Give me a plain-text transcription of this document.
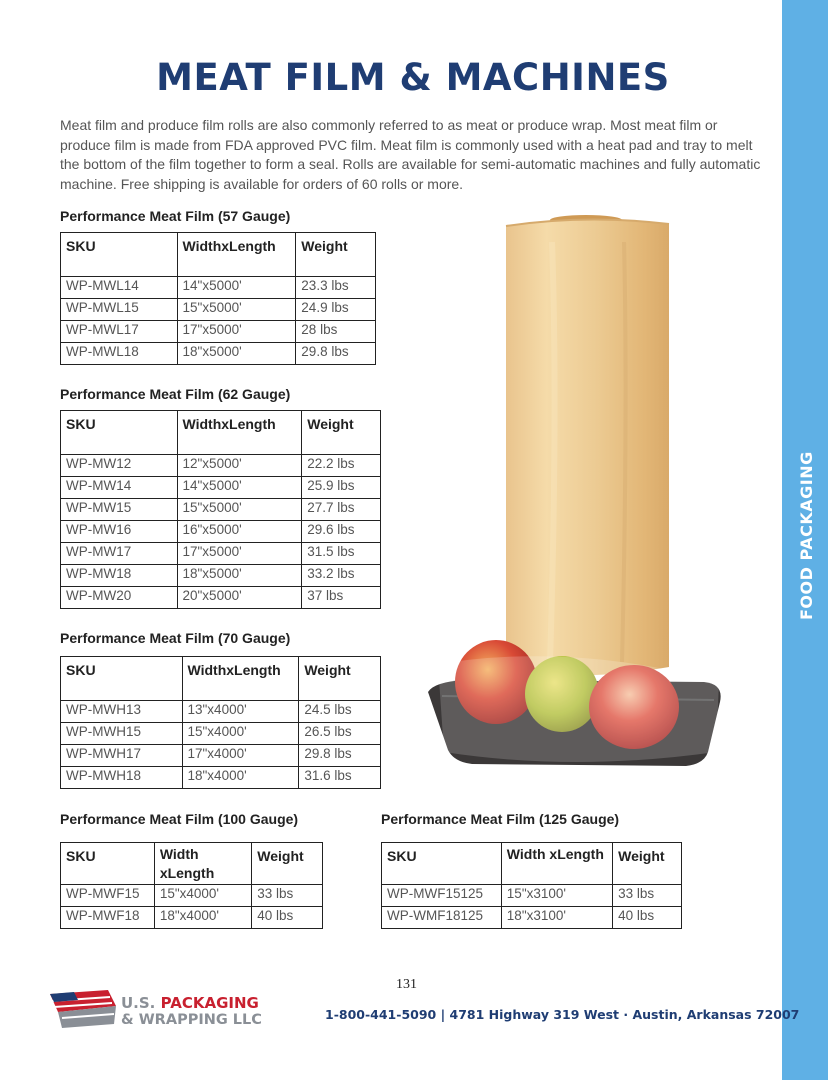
FOOD PACKAGING
MEAT FILM & MACHINES

Meat film and produce film rolls are also commonly referred to as meat or produce wrap. Most meat film or produce film is made from FDA approved PVC film. Meat film is commonly used with a heat pad and tray to melt the bottom of the film together to form a seal. Rolls are available for semi-automatic machines and fully automatic machine. Free shipping is available for orders of 60 rolls or more.

Performance Meat Film (57 Gauge)
SKU	WidthxLength	Weight
WP-MWL14	14"x5000'	23.3 lbs
WP-MWL15	15"x5000'	24.9 lbs
WP-MWL17	17"x5000'	28 lbs
WP-MWL18	18"x5000'	29.8 lbs
Performance Meat Film (62 Gauge)
SKU	WidthxLength	Weight
WP-MW12	12"x5000'	22.2 lbs
WP-MW14	14"x5000'	25.9 lbs
WP-MW15	15"x5000'	27.7 lbs
WP-MW16	16"x5000'	29.6 lbs
WP-MW17	17"x5000'	31.5 lbs
WP-MW18	18"x5000'	33.2 lbs
WP-MW20	20"x5000'	37 lbs
Performance Meat Film (70 Gauge)
SKU	WidthxLength	Weight
WP-MWH13	13"x4000'	24.5 lbs
WP-MWH15	15"x4000'	26.5 lbs
WP-MWH17	17"x4000'	29.8 lbs
WP-MWH18	18"x4000'	31.6 lbs
Performance Meat Film (100 Gauge)
SKU	Width xLength	Weight
WP-MWF15	15"x4000'	33 lbs
WP-MWF18	18"x4000'	40 lbs
Performance Meat Film (125 Gauge)
SKU	Width xLength	Weight
WP-MWF15125	15"x3100'	33 lbs
WP-WMF18125	18"x3100'	40 lbs
131
U.S. PACKAGING
& WRAPPING LLC	1-800-441-5090 | 4781 Highway 319 West · Austin, Arkansas 72007
